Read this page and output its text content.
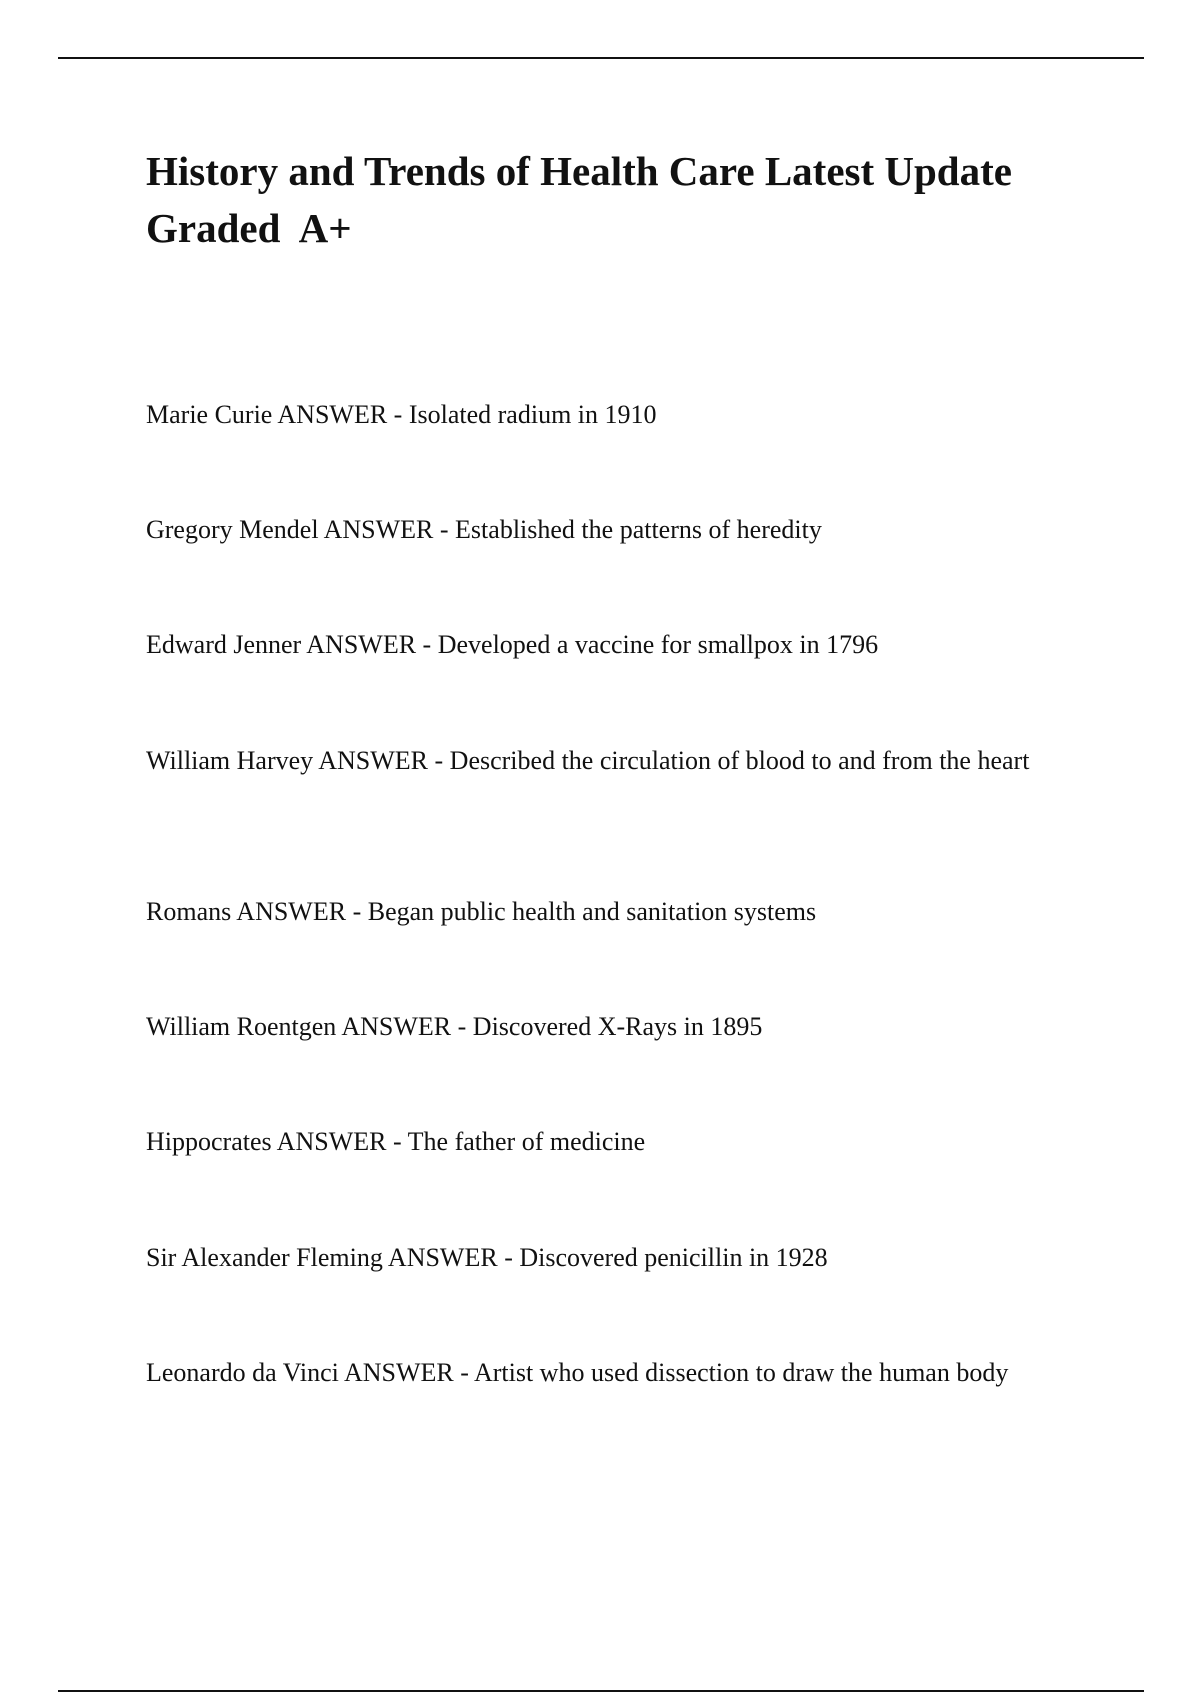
History and Trends of Health Care Latest Update Graded  A+

Marie Curie ANSWER - Isolated radium in 1910

Gregory Mendel ANSWER - Established the patterns of heredity

Edward Jenner ANSWER - Developed a vaccine for smallpox in 1796

William Harvey ANSWER - Described the circulation of blood to and from the heart

Romans ANSWER - Began public health and sanitation systems

William Roentgen ANSWER - Discovered X-Rays in 1895

Hippocrates ANSWER - The father of medicine

Sir Alexander Fleming ANSWER - Discovered penicillin in 1928

Leonardo da Vinci ANSWER - Artist who used dissection to draw the human body
